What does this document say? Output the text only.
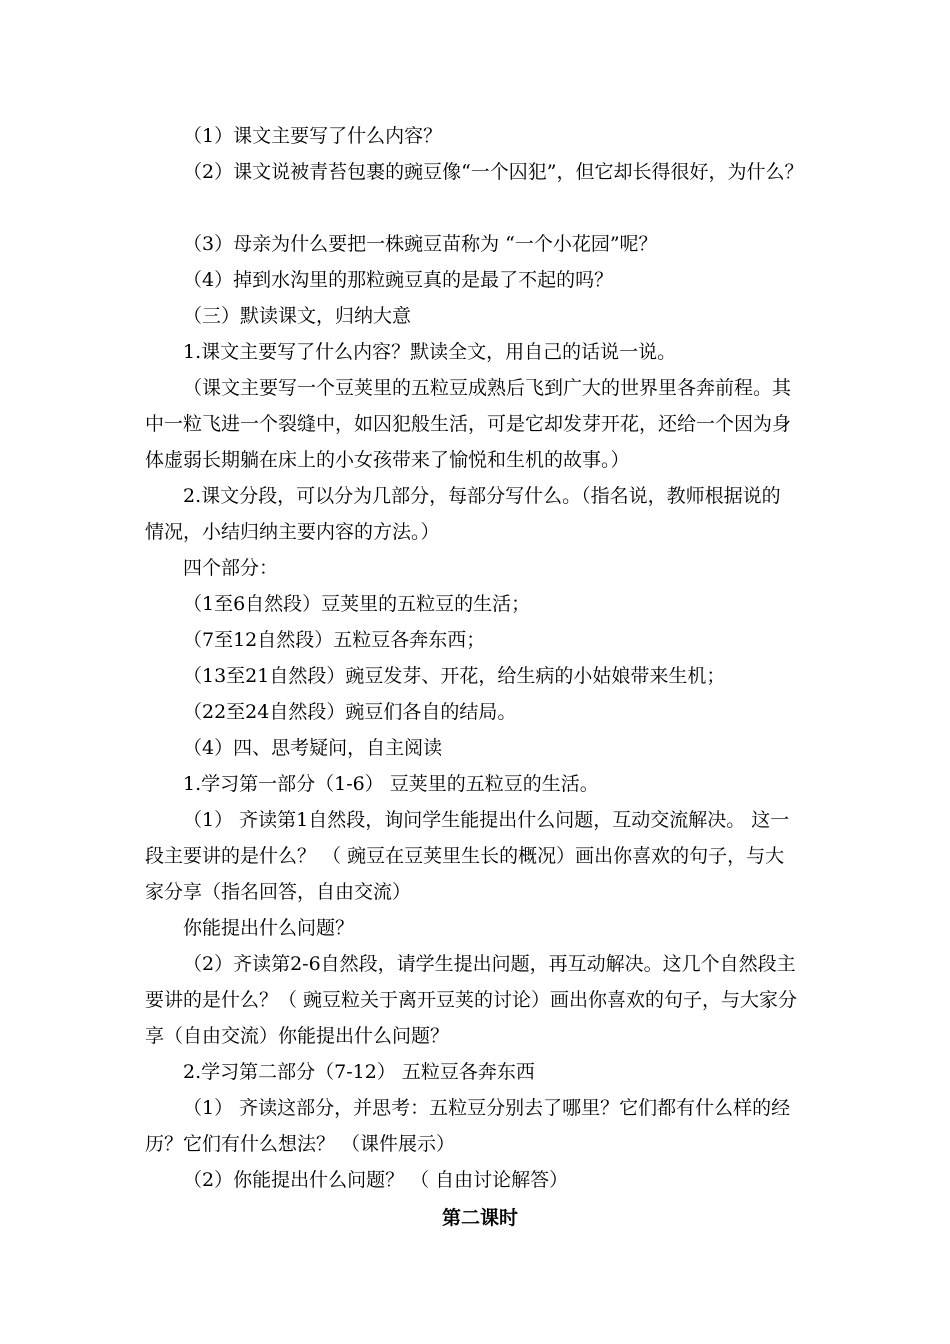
（1）课文主要写了什么内容？
（2）课文说被青苔包裹的豌豆像“一个囚犯”，但它却长得很好，为什么？
（3）母亲为什么要把一株豌豆苗称为 “一个小花园”呢？
（4）掉到水沟里的那粒豌豆真的是最了不起的吗？
（三）默读课文，归纳大意
1.课文主要写了什么内容？默读全文，用自己的话说一说。
（课文主要写一个豆荚里的五粒豆成熟后飞到广大的世界里各奔前程。其
中一粒飞进一个裂缝中，如囚犯般生活，可是它却发芽开花，还给一个因为身
体虚弱长期躺在床上的小女孩带来了愉悦和生机的故事。）
2.课文分段，可以分为几部分，每部分写什么。（指名说，教师根据说的
情况，小结归纳主要内容的方法。）
四个部分：
（1至6自然段）豆荚里的五粒豆的生活；
（7至12自然段）五粒豆各奔东西；
（13至21自然段）豌豆发芽、开花，给生病的小姑娘带来生机；
（22至24自然段）豌豆们各自的结局。
（4）四、思考疑问，自主阅读
1.学习第一部分（1-6） 豆荚里的五粒豆的生活。
（1） 齐读第1自然段，询问学生能提出什么问题，互动交流解决。 这一
段主要讲的是什么？ （ 豌豆在豆荚里生长的概况）画出你喜欢的句子，与大
家分享（指名回答，自由交流）
你能提出什么问题？
（2）齐读第2-6自然段，请学生提出问题，再互动解决。这几个自然段主
要讲的是什么？（ 豌豆粒关于离开豆荚的讨论）画出你喜欢的句子，与大家分
享（自由交流）你能提出什么问题？
2.学习第二部分（7-12） 五粒豆各奔东西
（1） 齐读这部分，并思考：五粒豆分别去了哪里？它们都有什么样的经
历？它们有什么想法？ （课件展示）
（2）你能提出什么问题？ （ 自由讨论解答）
第二课时
